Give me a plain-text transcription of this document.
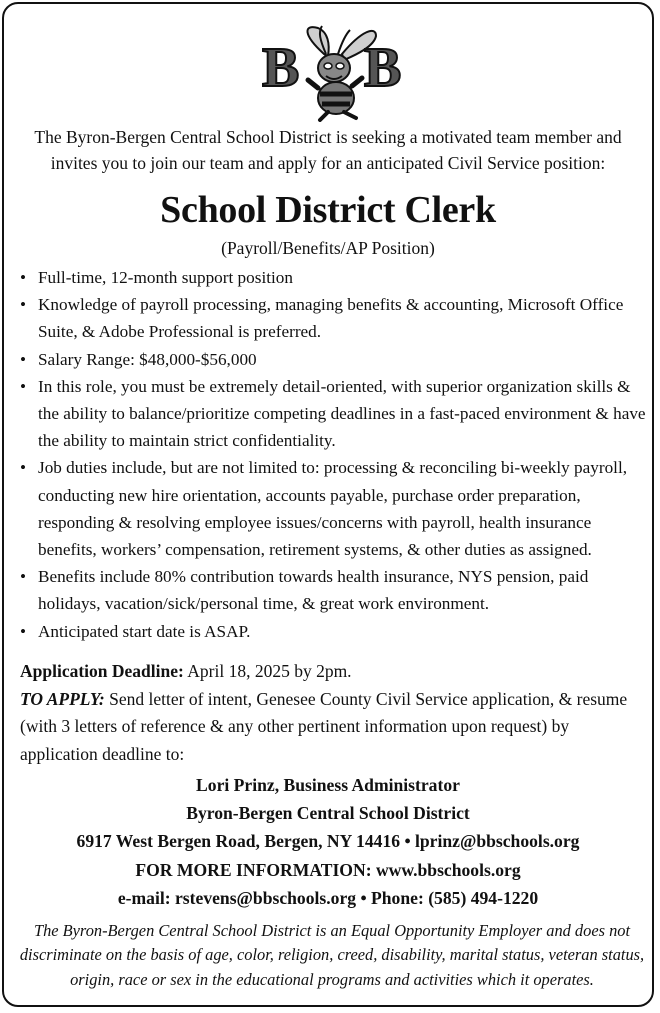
B B
The Byron-Bergen Central School District is seeking a motivated team member and
invites you to join our team and apply for an anticipated Civil Service position:
School District Clerk
(Payroll/Benefits/AP Position)
• Full-time, 12-month support position
• Knowledge of payroll processing, managing benefits & accounting, Microsoft Office Suite, & Adobe Professional is preferred.
• Salary Range: $48,000-$56,000
• In this role, you must be extremely detail-oriented, with superior organization skills & the ability to balance/prioritize competing deadlines in a fast-paced environment & have the ability to maintain strict confidentiality.
• Job duties include, but are not limited to: processing & reconciling bi-weekly payroll, conducting new hire orientation, accounts payable, purchase order preparation, responding & resolving employee issues/concerns with payroll, health insurance benefits, workers’ compensation, retirement systems, & other duties as assigned.
• Benefits include 80% contribution towards health insurance, NYS pension, paid holidays, vacation/sick/personal time, & great work environment.
• Anticipated start date is ASAP.
Application Deadline: April 18, 2025 by 2pm.
TO APPLY: Send letter of intent, Genesee County Civil Service application, & resume (with 3 letters of reference & any other pertinent information upon request) by application deadline to:
Lori Prinz, Business Administrator
Byron-Bergen Central School District
6917 West Bergen Road, Bergen, NY 14416 • lprinz@bbschools.org
FOR MORE INFORMATION: www.bbschools.org
e-mail: rstevens@bbschools.org • Phone: (585) 494-1220
The Byron-Bergen Central School District is an Equal Opportunity Employer and does not discriminate on the basis of age, color, religion, creed, disability, marital status, veteran status, origin, race or sex in the educational programs and activities which it operates.
